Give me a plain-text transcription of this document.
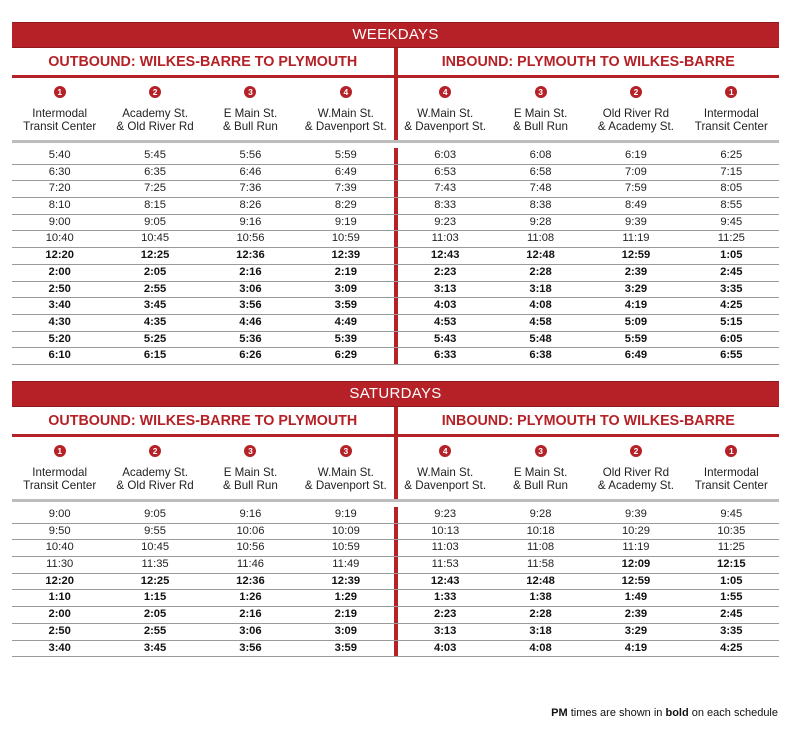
WEEKDAYS
OUTBOUND: WILKES-BARRE TO PLYMOUTH	INBOUND: PLYMOUTH TO WILKES-BARRE
1
Intermodal
Transit Center
2
Academy St.
& Old River Rd
3
E Main St.
& Bull Run
4
W.Main St.
& Davenport St.
4
W.Main St.
& Davenport St.
3
E Main St.
& Bull Run
2
Old River Rd
& Academy St.
1
Intermodal
Transit Center
5:40	5:45	5:56	5:59	6:03	6:08	6:19	6:25
6:30	6:35	6:46	6:49	6:53	6:58	7:09	7:15
7:20	7:25	7:36	7:39	7:43	7:48	7:59	8:05
8:10	8:15	8:26	8:29	8:33	8:38	8:49	8:55
9:00	9:05	9:16	9:19	9:23	9:28	9:39	9:45
10:40	10:45	10:56	10:59	11:03	11:08	11:19	11:25
12:20	12:25	12:36	12:39	12:43	12:48	12:59	1:05
2:00	2:05	2:16	2:19	2:23	2:28	2:39	2:45
2:50	2:55	3:06	3:09	3:13	3:18	3:29	3:35
3:40	3:45	3:56	3:59	4:03	4:08	4:19	4:25
4:30	4:35	4:46	4:49	4:53	4:58	5:09	5:15
5:20	5:25	5:36	5:39	5:43	5:48	5:59	6:05
6:10	6:15	6:26	6:29	6:33	6:38	6:49	6:55
SATURDAYS
OUTBOUND: WILKES-BARRE TO PLYMOUTH	INBOUND: PLYMOUTH TO WILKES-BARRE
1
Intermodal
Transit Center
2
Academy St.
& Old River Rd
3
E Main St.
& Bull Run
3
W.Main St.
& Davenport St.
4
W.Main St.
& Davenport St.
3
E Main St.
& Bull Run
2
Old River Rd
& Academy St.
1
Intermodal
Transit Center
9:00	9:05	9:16	9:19	9:23	9:28	9:39	9:45
9:50	9:55	10:06	10:09	10:13	10:18	10:29	10:35
10:40	10:45	10:56	10:59	11:03	11:08	11:19	11:25
11:30	11:35	11:46	11:49	11:53	11:58	12:09	12:15
12:20	12:25	12:36	12:39	12:43	12:48	12:59	1:05
1:10	1:15	1:26	1:29	1:33	1:38	1:49	1:55
2:00	2:05	2:16	2:19	2:23	2:28	2:39	2:45
2:50	2:55	3:06	3:09	3:13	3:18	3:29	3:35
3:40	3:45	3:56	3:59	4:03	4:08	4:19	4:25
PM times are shown in bold on each schedule
